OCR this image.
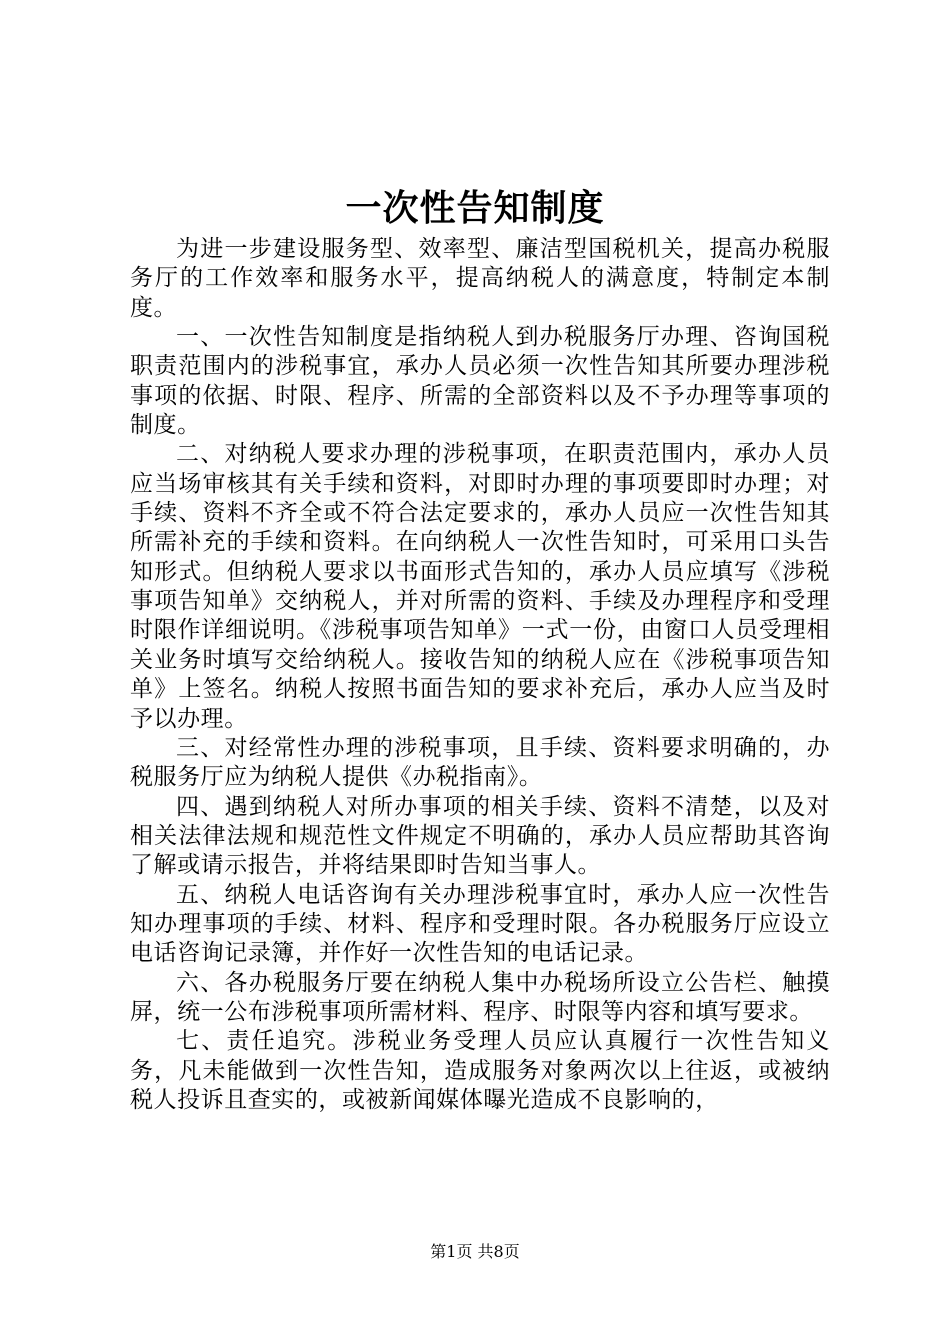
一次性告知制度

为进一步建设服务型、效率型、廉洁型国税机关，提高办税服务厅的工作效率和服务水平，提高纳税人的满意度，特制定本制度。

一、一次性告知制度是指纳税人到办税服务厅办理、咨询国税职责范围内的涉税事宜，承办人员必须一次性告知其所要办理涉税事项的依据、时限、程序、所需的全部资料以及不予办理等事项的制度。

二、对纳税人要求办理的涉税事项，在职责范围内，承办人员应当场审核其有关手续和资料，对即时办理的事项要即时办理；对手续、资料不齐全或不符合法定要求的，承办人员应一次性告知其所需补充的手续和资料。在向纳税人一次性告知时，可采用口头告知形式。但纳税人要求以书面形式告知的，承办人员应填写《涉税事项告知单》交纳税人，并对所需的资料、手续及办理程序和受理时限作详细说明。《涉税事项告知单》一式一份，由窗口人员受理相关业务时填写交给纳税人。接收告知的纳税人应在《涉税事项告知单》上签名。纳税人按照书面告知的要求补充后，承办人应当及时予以办理。

三、对经常性办理的涉税事项，且手续、资料要求明确的，办税服务厅应为纳税人提供《办税指南》。

四、遇到纳税人对所办事项的相关手续、资料不清楚，以及对相关法律法规和规范性文件规定不明确的，承办人员应帮助其咨询了解或请示报告，并将结果即时告知当事人。

五、纳税人电话咨询有关办理涉税事宜时，承办人应一次性告知办理事项的手续、材料、程序和受理时限。各办税服务厅应设立电话咨询记录簿，并作好一次性告知的电话记录。

六、各办税服务厅要在纳税人集中办税场所设立公告栏、触摸屏，统一公布涉税事项所需材料、程序、时限等内容和填写要求。

七、责任追究。涉税业务受理人员应认真履行一次性告知义务，凡未能做到一次性告知，造成服务对象两次以上往返，或被纳税人投诉且查实的，或被新闻媒体曝光造成不良影响的，

第1页 共8页
